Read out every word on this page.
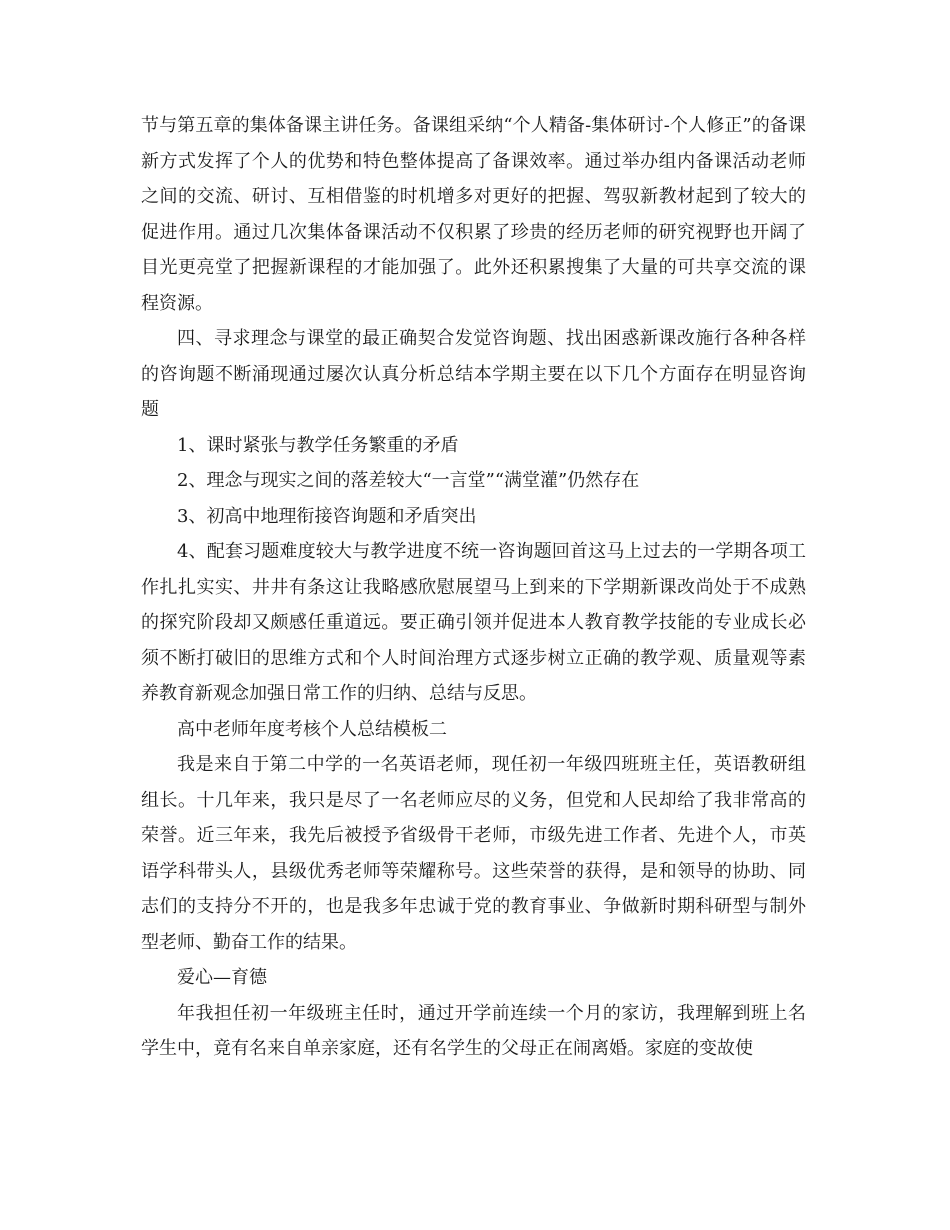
节与第五章的集体备课主讲任务。备课组采纳“个人精备-集体研讨-个人修正”的备课新方式发挥了个人的优势和特色整体提高了备课效率。通过举办组内备课活动老师之间的交流、研讨、互相借鉴的时机增多对更好的把握、驾驭新教材起到了较大的促进作用。通过几次集体备课活动不仅积累了珍贵的经历老师的研究视野也开阔了目光更亮堂了把握新课程的才能加强了。此外还积累搜集了大量的可共享交流的课程资源。

四、寻求理念与课堂的最正确契合发觉咨询题、找出困惑新课改施行各种各样的咨询题不断涌现通过屡次认真分析总结本学期主要在以下几个方面存在明显咨询题

1、课时紧张与教学任务繁重的矛盾

2、理念与现实之间的落差较大“一言堂”“满堂灌”仍然存在

3、初高中地理衔接咨询题和矛盾突出

4、配套习题难度较大与教学进度不统一咨询题回首这马上过去的一学期各项工作扎扎实实、井井有条这让我略感欣慰展望马上到来的下学期新课改尚处于不成熟的探究阶段却又颇感任重道远。要正确引领并促进本人教育教学技能的专业成长必须不断打破旧的思维方式和个人时间治理方式逐步树立正确的教学观、质量观等素养教育新观念加强日常工作的归纳、总结与反思。

高中老师年度考核个人总结模板二

我是来自于第二中学的一名英语老师，现任初一年级四班班主任，英语教研组组长。十几年来，我只是尽了一名老师应尽的义务，但党和人民却给了我非常高的荣誉。近三年来，我先后被授予省级骨干老师，市级先进工作者、先进个人，市英语学科带头人，县级优秀老师等荣耀称号。这些荣誉的获得，是和领导的协助、同志们的支持分不开的，也是我多年忠诚于党的教育事业、争做新时期科研型与制外型老师、勤奋工作的结果。

爱心—育德

年我担任初一年级班主任时，通过开学前连续一个月的家访，我理解到班上名学生中，竟有名来自单亲家庭，还有名学生的父母正在闹离婚。家庭的变故使
